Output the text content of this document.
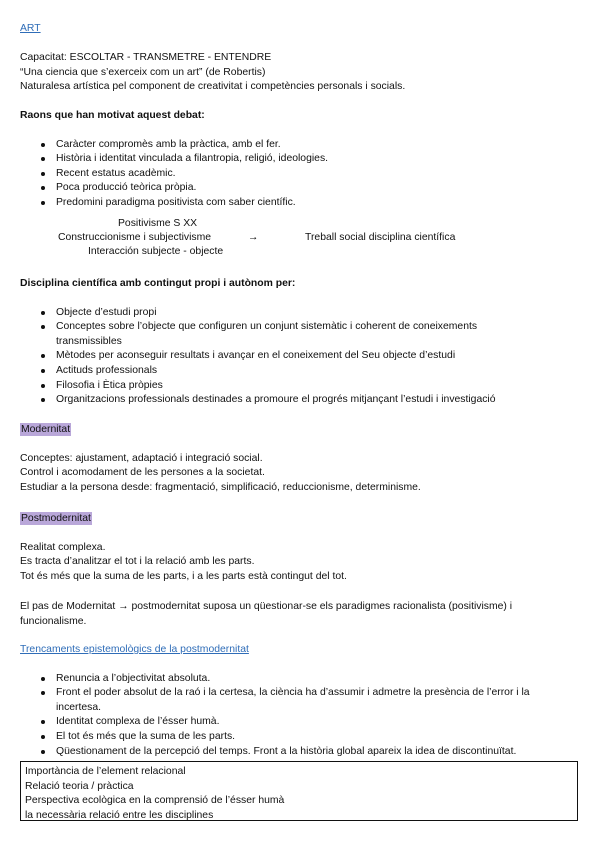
ART

Capacitat: ESCOLTAR - TRANSMETRE - ENTENDRE

“Una ciencia que s’exerceix com un art” (de Robertis)

Naturalesa artística pel component de creativitat i competències personals i socials.

Raons que han motivat aquest debat:

Caràcter compromès amb la pràctica, amb el fer.
Història i identitat vinculada a filantropia, religió, ideologies.
Recent estatus acadèmic.
Poca producció teòrica pròpia.
Predomini paradigma positivista com saber científic.
Positivisme S XX
Construccionisme i subjectivisme
Interacción subjecte - objecte
→	Treball social disciplina científica

Disciplina científica amb contingut propi i autònom per:

Objecte d’estudi propi
Conceptes sobre l’objecte que configuren un conjunt sistemàtic i coherent de coneixements
transmissibles
Mètodes per aconseguir resultats i avançar en el coneixement del Seu objecte d’estudi
Actituds professionals
Filosofia i Ètica pròpies
Organitzacions professionals destinades a promoure el progrés mitjançant l’estudi i investigació

Modernitat

Conceptes: ajustament, adaptació i integració social.

Control i acomodament de les persones a la societat.

Estudiar a la persona desde: fragmentació, simplificació, reduccionisme, determinisme.

Postmodernitat

Realitat complexa.

Es tracta d’analitzar el tot i la relació amb les parts.

Tot és més que la suma de les parts, i a les parts està contingut del tot.

El pas de Modernitat → postmodernitat suposa un qüestionar-se els paradigmes racionalista (positivisme) i

funcionalisme.

Trencaments epistemològics de la postmodernitat
Renuncia a l’objectivitat absoluta.
Front el poder absolut de la raó i la certesa, la ciència ha d’assumir i admetre la presència de l’error i la
incertesa.
Identitat complexa de l’ésser humà.
El tot és més que la suma de les parts.
Qüestionament de la percepció del temps. Front a la història global apareix la idea de discontinuïtat.

Importància de l’element relacional

Relació teoria / pràctica

Perspectiva ecològica en la comprensió de l’ésser humà

la necessària relació entre les disciplines
